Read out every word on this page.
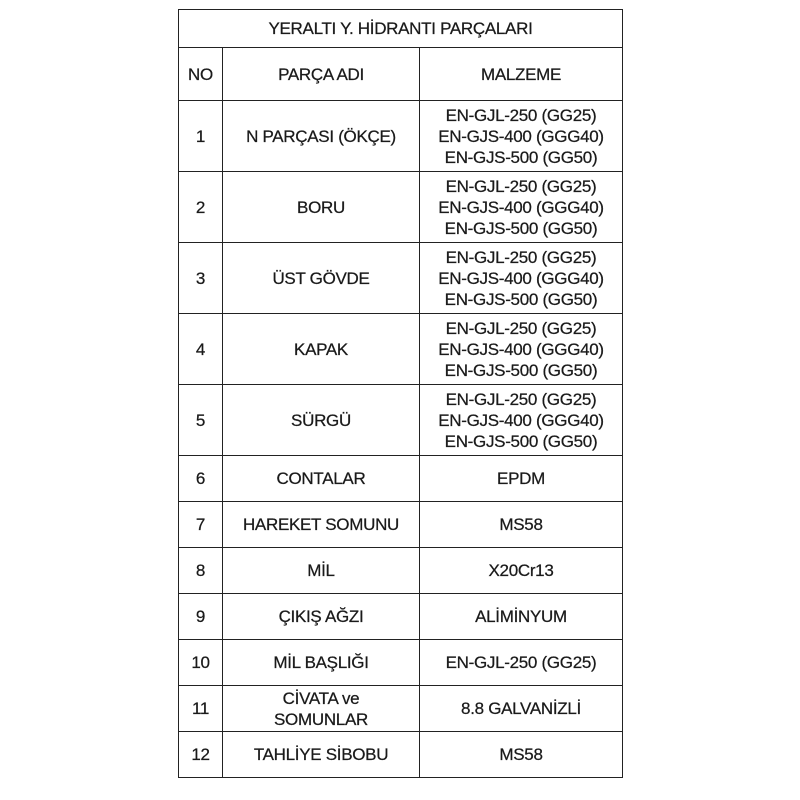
YERALTI Y. HİDRANTI PARÇALARI		
NO	PARÇA ADI	MALZEME
1	N PARÇASI (ÖKÇE)	EN-GJL-250 (GG25)
EN-GJS-400 (GGG40)
EN-GJS-500 (GG50)

2	BORU	EN-GJL-250 (GG25)
EN-GJS-400 (GGG40)
EN-GJS-500 (GG50)

3	ÜST GÖVDE	EN-GJL-250 (GG25)
EN-GJS-400 (GGG40)
EN-GJS-500 (GG50)

4	KAPAK	EN-GJL-250 (GG25)
EN-GJS-400 (GGG40)
EN-GJS-500 (GG50)

5	SÜRGÜ	EN-GJL-250 (GG25)
EN-GJS-400 (GGG40)
EN-GJS-500 (GG50)

6	CONTALAR	EPDM

7	HAREKET SOMUNU	MS58

8	MİL	X20Cr13

9	ÇIKIŞ AĞZI	ALİMİNYUM

10	MİL BAŞLIĞI	EN-GJL-250 (GG25)

11	CİVATA ve
SOMUNLAR	8.8 GALVANİZLİ

12	TAHLİYE SİBOBU	MS58
